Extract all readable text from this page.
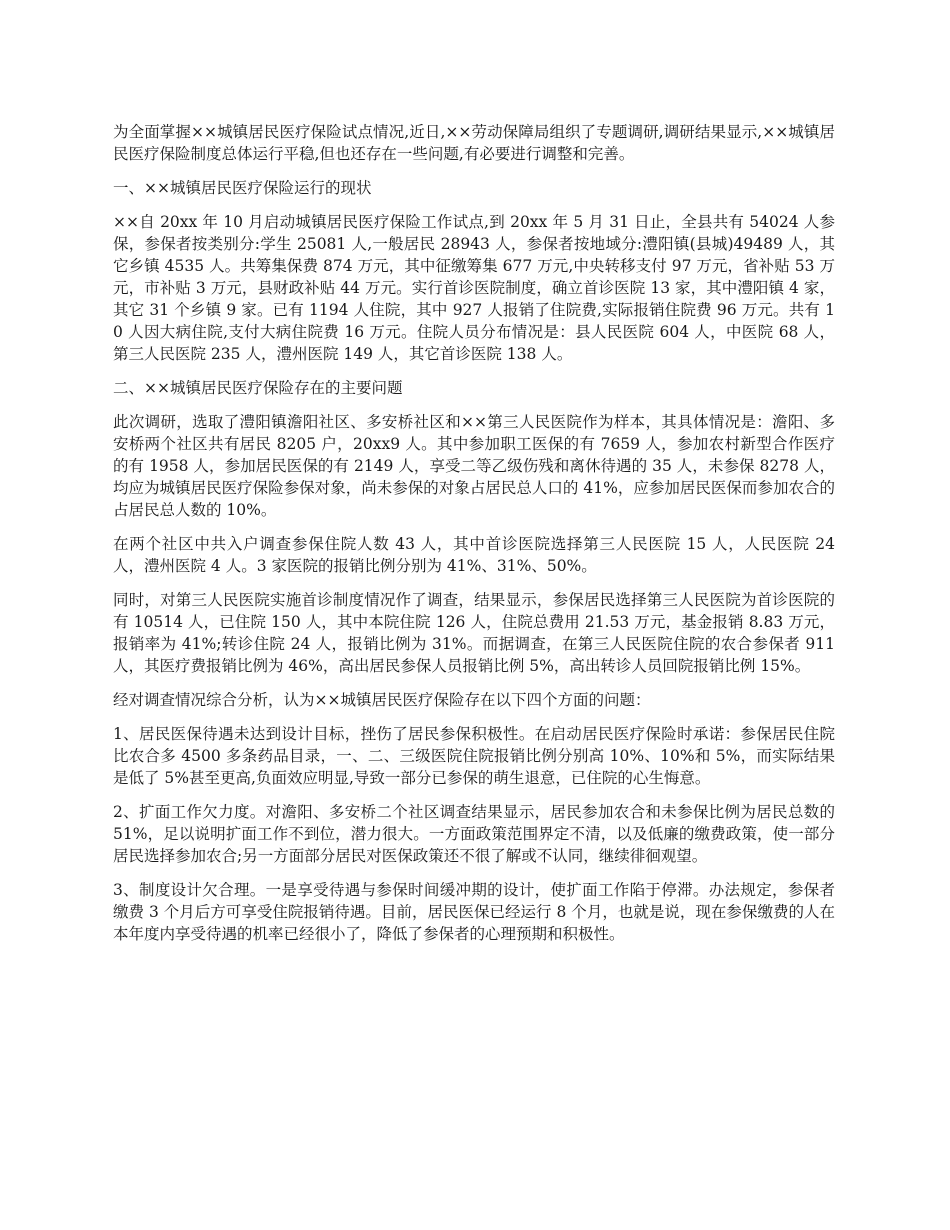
为全面掌握××城镇居民医疗保险试点情况,近日,××劳动保障局组织了专题调研,调研结果显示,××城镇居民医疗保险制度总体运行平稳,但也还存在一些问题,有必要进行调整和完善。

一、××城镇居民医疗保险运行的现状

××自 20xx 年 10 月启动城镇居民医疗保险工作试点,到 20xx 年 5 月 31 日止，全县共有 54024 人参保，参保者按类别分:学生 25081 人,一般居民 28943 人，参保者按地域分:澧阳镇(县城)49489 人，其它乡镇 4535 人。共筹集保费 874 万元，其中征缴筹集 677 万元,中央转移支付 97 万元，省补贴 53 万元，市补贴 3 万元，县财政补贴 44 万元。实行首诊医院制度，确立首诊医院 13 家，其中澧阳镇 4 家，其它 31 个乡镇 9 家。已有 1194 人住院，其中 927 人报销了住院费,实际报销住院费 96 万元。共有 10 人因大病住院,支付大病住院费 16 万元。住院人员分布情况是：县人民医院 604 人，中医院 68 人，第三人民医院 235 人，澧州医院 149 人，其它首诊医院 138 人。

二、××城镇居民医疗保险存在的主要问题

此次调研，选取了澧阳镇澹阳社区、多安桥社区和××第三人民医院作为样本，其具体情况是：澹阳、多安桥两个社区共有居民 8205 户，20xx9 人。其中参加职工医保的有 7659 人，参加农村新型合作医疗的有 1958 人，参加居民医保的有 2149 人，享受二等乙级伤残和离休待遇的 35 人，未参保 8278 人，均应为城镇居民医疗保险参保对象，尚未参保的对象占居民总人口的 41%，应参加居民医保而参加农合的占居民总人数的 10%。

在两个社区中共入户调查参保住院人数 43 人，其中首诊医院选择第三人民医院 15 人，人民医院 24 人，澧州医院 4 人。3 家医院的报销比例分别为 41%、31%、50%。

同时，对第三人民医院实施首诊制度情况作了调查，结果显示，参保居民选择第三人民医院为首诊医院的有 10514 人，已住院 150 人，其中本院住院 126 人，住院总费用 21.53 万元，基金报销 8.83 万元，报销率为 41%;转诊住院 24 人，报销比例为 31%。而据调查，在第三人民医院住院的农合参保者 911 人，其医疗费报销比例为 46%，高出居民参保人员报销比例 5%，高出转诊人员回院报销比例 15%。

经对调查情况综合分析，认为××城镇居民医疗保险存在以下四个方面的问题：

1、居民医保待遇未达到设计目标，挫伤了居民参保积极性。在启动居民医疗保险时承诺：参保居民住院比农合多 4500 多条药品目录，一、二、三级医院住院报销比例分别高 10%、10%和 5%，而实际结果是低了 5%甚至更高,负面效应明显,导致一部分已参保的萌生退意，已住院的心生悔意。

2、扩面工作欠力度。对澹阳、多安桥二个社区调查结果显示，居民参加农合和未参保比例为居民总数的 51%，足以说明扩面工作不到位，潜力很大。一方面政策范围界定不清，以及低廉的缴费政策，使一部分居民选择参加农合;另一方面部分居民对医保政策还不很了解或不认同，继续徘徊观望。

3、制度设计欠合理。一是享受待遇与参保时间缓冲期的设计，使扩面工作陷于停滞。办法规定，参保者缴费 3 个月后方可享受住院报销待遇。目前，居民医保已经运行 8 个月，也就是说，现在参保缴费的人在本年度内享受待遇的机率已经很小了，降低了参保者的心理预期和积极性。
